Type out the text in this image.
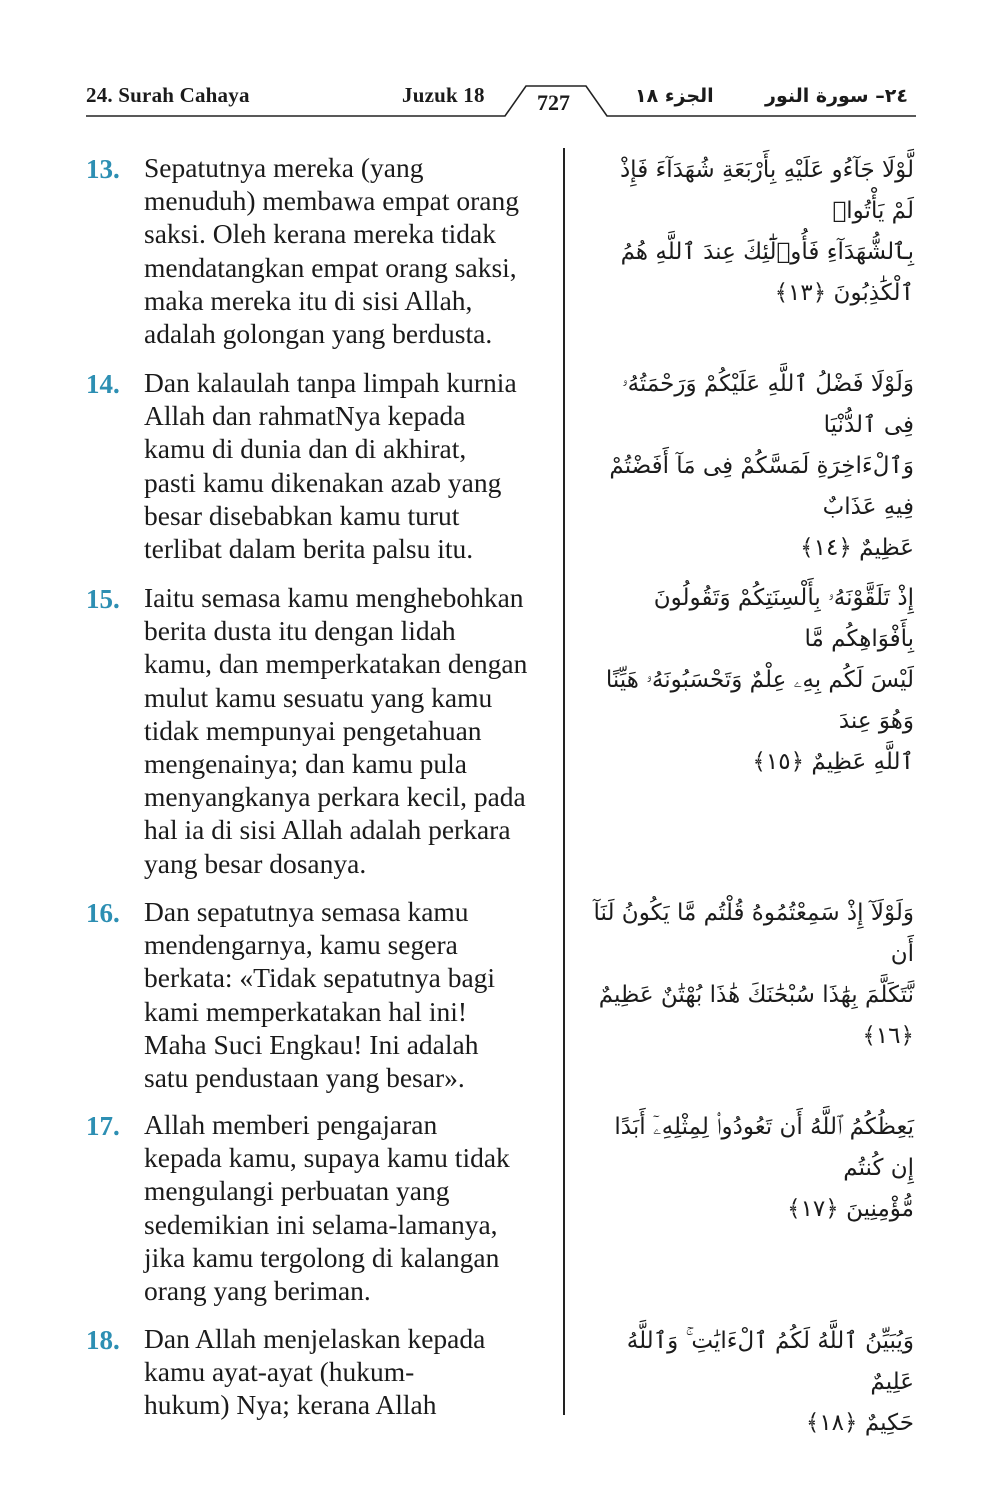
24. Surah Cahaya	Juzuk 18 727	الجزء ١٨	٢٤– سورة النور
13. Sepatutnya mereka (yang
menuduh) membawa empat orang
saksi. Oleh kerana mereka tidak
mendatangkan empat orang saksi,
maka mereka itu di sisi Allah,
adalah golongan yang berdusta.
لَّوْلَا جَآءُو عَلَيْهِ بِأَرْبَعَةِ شُهَدَآءَ فَإِذْ لَمْ يَأْتُوا۟
بِٱلشُّهَدَآءِ فَأُو۟لَٰٓئِكَ عِندَ ٱللَّهِ هُمُ ٱلْكَٰذِبُونَ ﴿١٣﴾
14. Dan kalaulah tanpa limpah kurnia
Allah dan rahmatNya kepada
kamu di dunia dan di akhirat,
pasti kamu dikenakan azab yang
besar disebabkan kamu turut
terlibat dalam berita palsu itu.
وَلَوْلَا فَضْلُ ٱللَّهِ عَلَيْكُمْ وَرَحْمَتُهُۥ فِى ٱلدُّنْيَا
وَٱلْءَاخِرَةِ لَمَسَّكُمْ فِى مَآ أَفَضْتُمْ فِيهِ عَذَابٌ
عَظِيمٌ ﴿١٤﴾
15. Iaitu semasa kamu menghebohkan
berita dusta itu dengan lidah
kamu, dan memperkatakan dengan
mulut kamu sesuatu yang kamu
tidak mempunyai pengetahuan
mengenainya; dan kamu pula
menyangkanya perkara kecil, pada
hal ia di sisi Allah adalah perkara
yang besar dosanya.
إِذْ تَلَقَّوْنَهُۥ بِأَلْسِنَتِكُمْ وَتَقُولُونَ بِأَفْوَاهِكُم مَّا
لَيْسَ لَكُم بِهِۦ عِلْمٌ وَتَحْسَبُونَهُۥ هَيِّنًا وَهُوَ عِندَ
ٱللَّهِ عَظِيمٌ ﴿١٥﴾
16. Dan sepatutnya semasa kamu
mendengarnya, kamu segera
berkata: «Tidak sepatutnya bagi
kami memperkatakan hal ini!
Maha Suci Engkau! Ini adalah
satu pendustaan yang besar».
وَلَوْلَآ إِذْ سَمِعْتُمُوهُ قُلْتُم مَّا يَكُونُ لَنَآ أَن
نَّتَكَلَّمَ بِهَٰذَا سُبْحَٰنَكَ هَٰذَا بُهْتَٰنٌ عَظِيمٌ ﴿١٦﴾
17. Allah memberi pengajaran
kepada kamu, supaya kamu tidak
mengulangi perbuatan yang
sedemikian ini selama-lamanya,
jika kamu tergolong di kalangan
orang yang beriman.
يَعِظُكُمُ ٱللَّهُ أَن تَعُودُوا۟ لِمِثْلِهِۦٓ أَبَدًا إِن كُنتُم
مُّؤْمِنِينَ ﴿١٧﴾
18. Dan Allah menjelaskan kepada
kamu ayat-ayat (hukum-
hukum) Nya; kerana Allah
وَيُبَيِّنُ ٱللَّهُ لَكُمُ ٱلْءَايَٰتِ ۚ وَٱللَّهُ عَلِيمٌ
حَكِيمٌ ﴿١٨﴾
